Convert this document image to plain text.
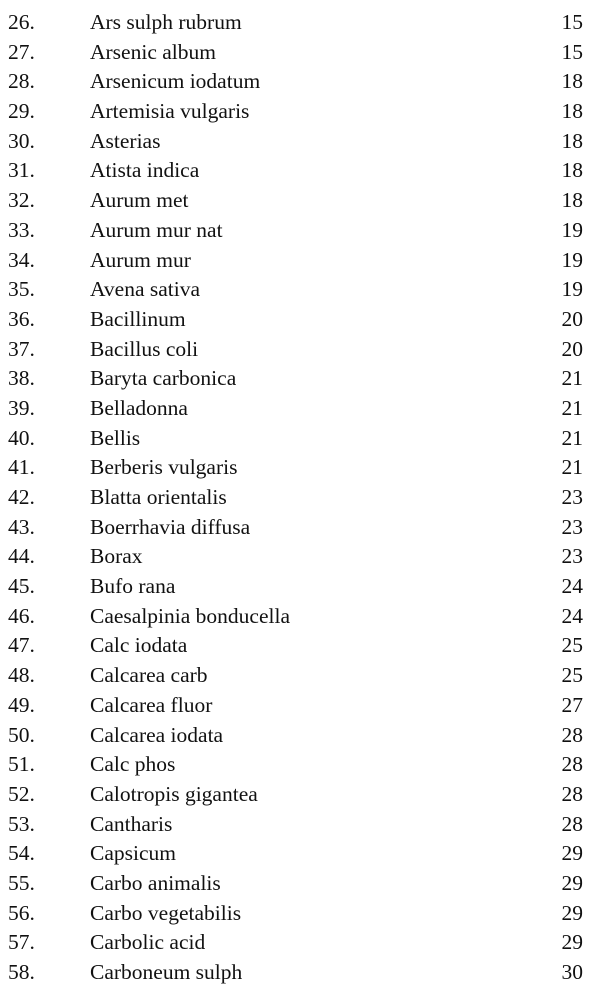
26.	Ars sulph rubrum	15
27.	Arsenic album	15
28.	Arsenicum iodatum	18
29.	Artemisia vulgaris	18
30.	Asterias	18
31.	Atista indica	18
32.	Aurum met	18
33.	Aurum mur nat	19
34.	Aurum mur	19
35.	Avena sativa	19
36.	Bacillinum	20
37.	Bacillus coli	20
38.	Baryta carbonica	21
39.	Belladonna	21
40.	Bellis	21
41.	Berberis vulgaris	21
42.	Blatta orientalis	23
43.	Boerrhavia diffusa	23
44.	Borax	23
45.	Bufo rana	24
46.	Caesalpinia bonducella	24
47.	Calc iodata	25
48.	Calcarea carb	25
49.	Calcarea fluor	27
50.	Calcarea iodata	28
51.	Calc phos	28
52.	Calotropis gigantea	28
53.	Cantharis	28
54.	Capsicum	29
55.	Carbo animalis	29
56.	Carbo vegetabilis	29
57.	Carbolic acid	29
58.	Carboneum sulph	30
